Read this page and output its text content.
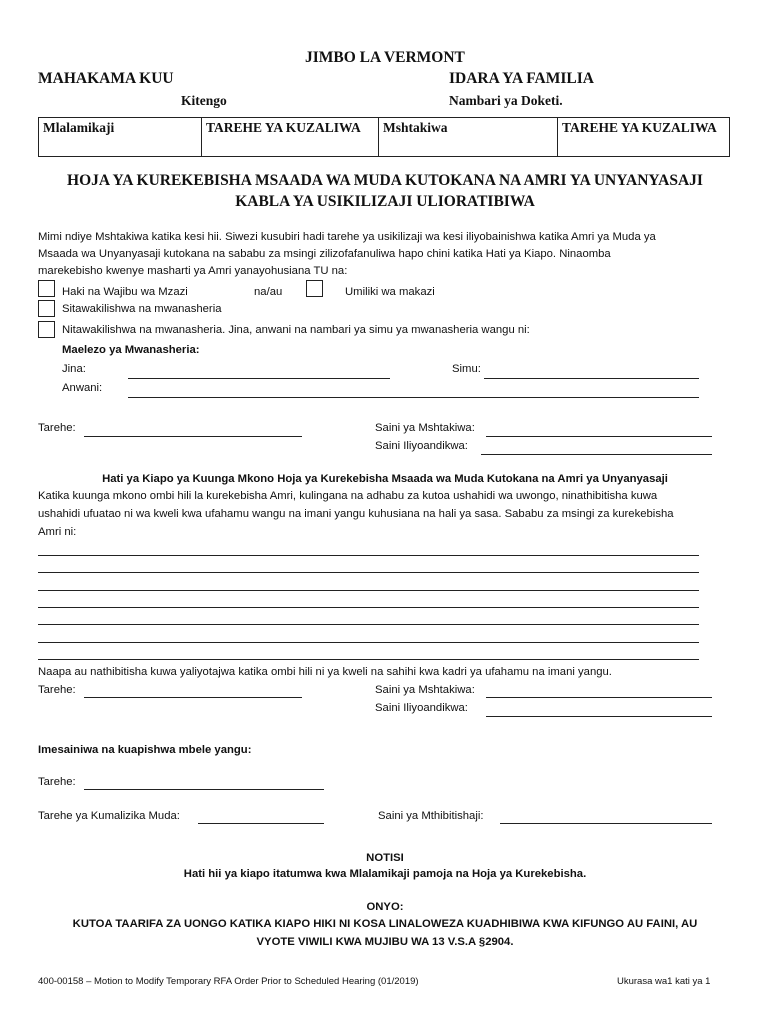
JIMBO LA VERMONT
MAHAKAMA KUU	IDARA YA FAMILIA
Kitengo	Nambari ya Doketi.
Mlalamikaji	TAREHE YA KUZALIWA	Mshtakiwa	TAREHE YA KUZALIWA
HOJA YA KUREKEBISHA MSAADA WA MUDA KUTOKANA NA AMRI YA UNYANYASAJI
KABLA YA USIKILIZAJI ULIORATIBIWA
Mimi ndiye Mshtakiwa katika kesi hii. Siwezi kusubiri hadi tarehe ya usikilizaji wa kesi iliyobainishwa katika Amri ya Muda ya
Msaada wa Unyanyasaji kutokana na sababu za msingi zilizofafanuliwa hapo chini katika Hati ya Kiapo. Ninaomba
marekebisho kwenye masharti ya Amri yanayohusiana TU na:
Haki na Wajibu wa Mzazi	na/au	Umiliki wa makazi
Sitawakilishwa na mwanasheria
Nitawakilishwa na mwanasheria. Jina, anwani na nambari ya simu ya mwanasheria wangu ni:
Maelezo ya Mwanasheria:
Jina:	Simu:
Anwani:
Tarehe:	Saini ya Mshtakiwa:
Saini Iliyoandikwa:
Hati ya Kiapo ya Kuunga Mkono Hoja ya Kurekebisha Msaada wa Muda Kutokana na Amri ya Unyanyasaji
Katika kuunga mkono ombi hili la kurekebisha Amri, kulingana na adhabu za kutoa ushahidi wa uwongo, ninathibitisha kuwa
ushahidi ufuatao ni wa kweli kwa ufahamu wangu na imani yangu kuhusiana na hali ya sasa. Sababu za msingi za kurekebisha
Amri ni:
Naapa au nathibitisha kuwa yaliyotajwa katika ombi hili ni ya kweli na sahihi kwa kadri ya ufahamu na imani yangu.
Tarehe:	Saini ya Mshtakiwa:
Saini Iliyoandikwa:
Imesainiwa na kuapishwa mbele yangu:
Tarehe:
Tarehe ya Kumalizika Muda:	Saini ya Mthibitishaji:
NOTISI
Hati hii ya kiapo itatumwa kwa Mlalamikaji pamoja na Hoja ya Kurekebisha.
ONYO:
KUTOA TAARIFA ZA UONGO KATIKA KIAPO HIKI NI KOSA LINALOWEZA KUADHIBIWA KWA KIFUNGO AU FAINI, AU
VYOTE VIWILI KWA MUJIBU WA 13 V.S.A §2904.
400-00158 – Motion to Modify Temporary RFA Order Prior to Scheduled Hearing (01/2019)	Ukurasa wa1 kati ya 1
